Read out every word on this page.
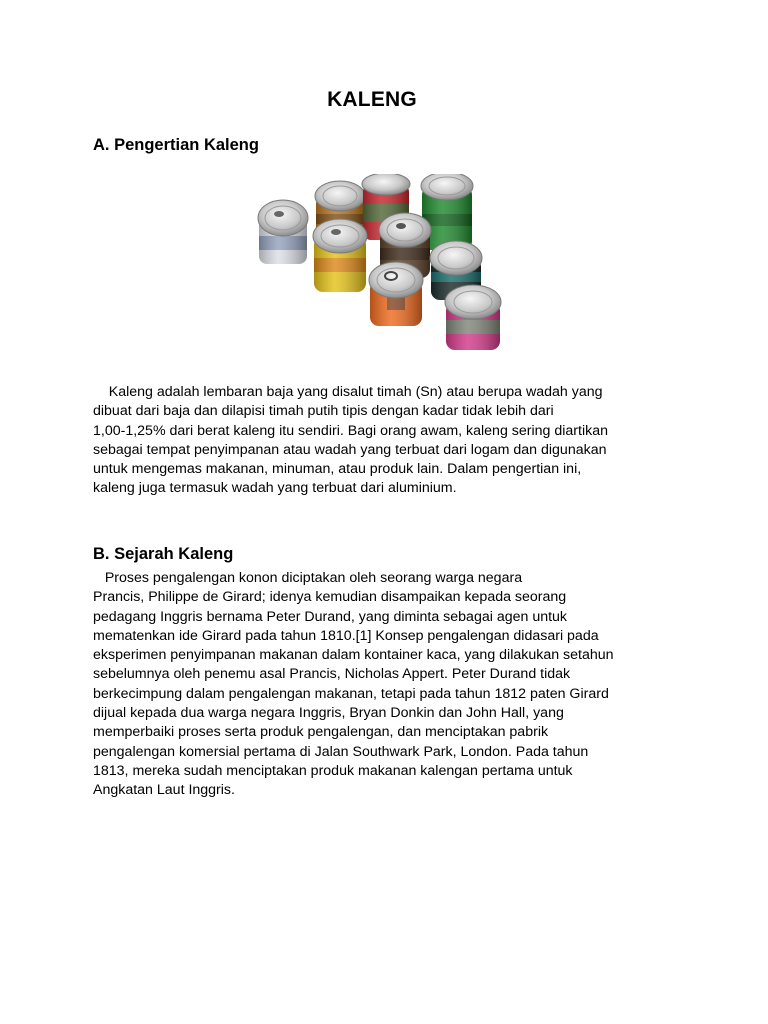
KALENG
A. Pengertian Kaleng

Kaleng adalah lembaran baja yang disalut timah (Sn) atau berupa wadah yang
dibuat dari baja dan dilapisi timah putih tipis dengan kadar tidak lebih dari
1,00-1,25% dari berat kaleng itu sendiri. Bagi orang awam, kaleng sering diartikan
sebagai tempat penyimpanan atau wadah yang terbuat dari logam dan digunakan
untuk mengemas makanan, minuman, atau produk lain. Dalam pengertian ini,
kaleng juga termasuk wadah yang terbuat dari aluminium.

B. Sejarah Kaleng

Proses pengalengan konon diciptakan oleh seorang warga negara
Prancis, Philippe de Girard; idenya kemudian disampaikan kepada seorang
pedagang Inggris bernama Peter Durand, yang diminta sebagai agen untuk
mematenkan ide Girard pada tahun 1810.[1] Konsep pengalengan didasari pada
eksperimen penyimpanan makanan dalam kontainer kaca, yang dilakukan setahun
sebelumnya oleh penemu asal Prancis, Nicholas Appert. Peter Durand tidak
berkecimpung dalam pengalengan makanan, tetapi pada tahun 1812 paten Girard
dijual kepada dua warga negara Inggris, Bryan Donkin dan John Hall, yang
memperbaiki proses serta produk pengalengan, dan menciptakan pabrik
pengalengan komersial pertama di Jalan Southwark Park, London. Pada tahun
1813, mereka sudah menciptakan produk makanan kalengan pertama untuk
Angkatan Laut Inggris.
